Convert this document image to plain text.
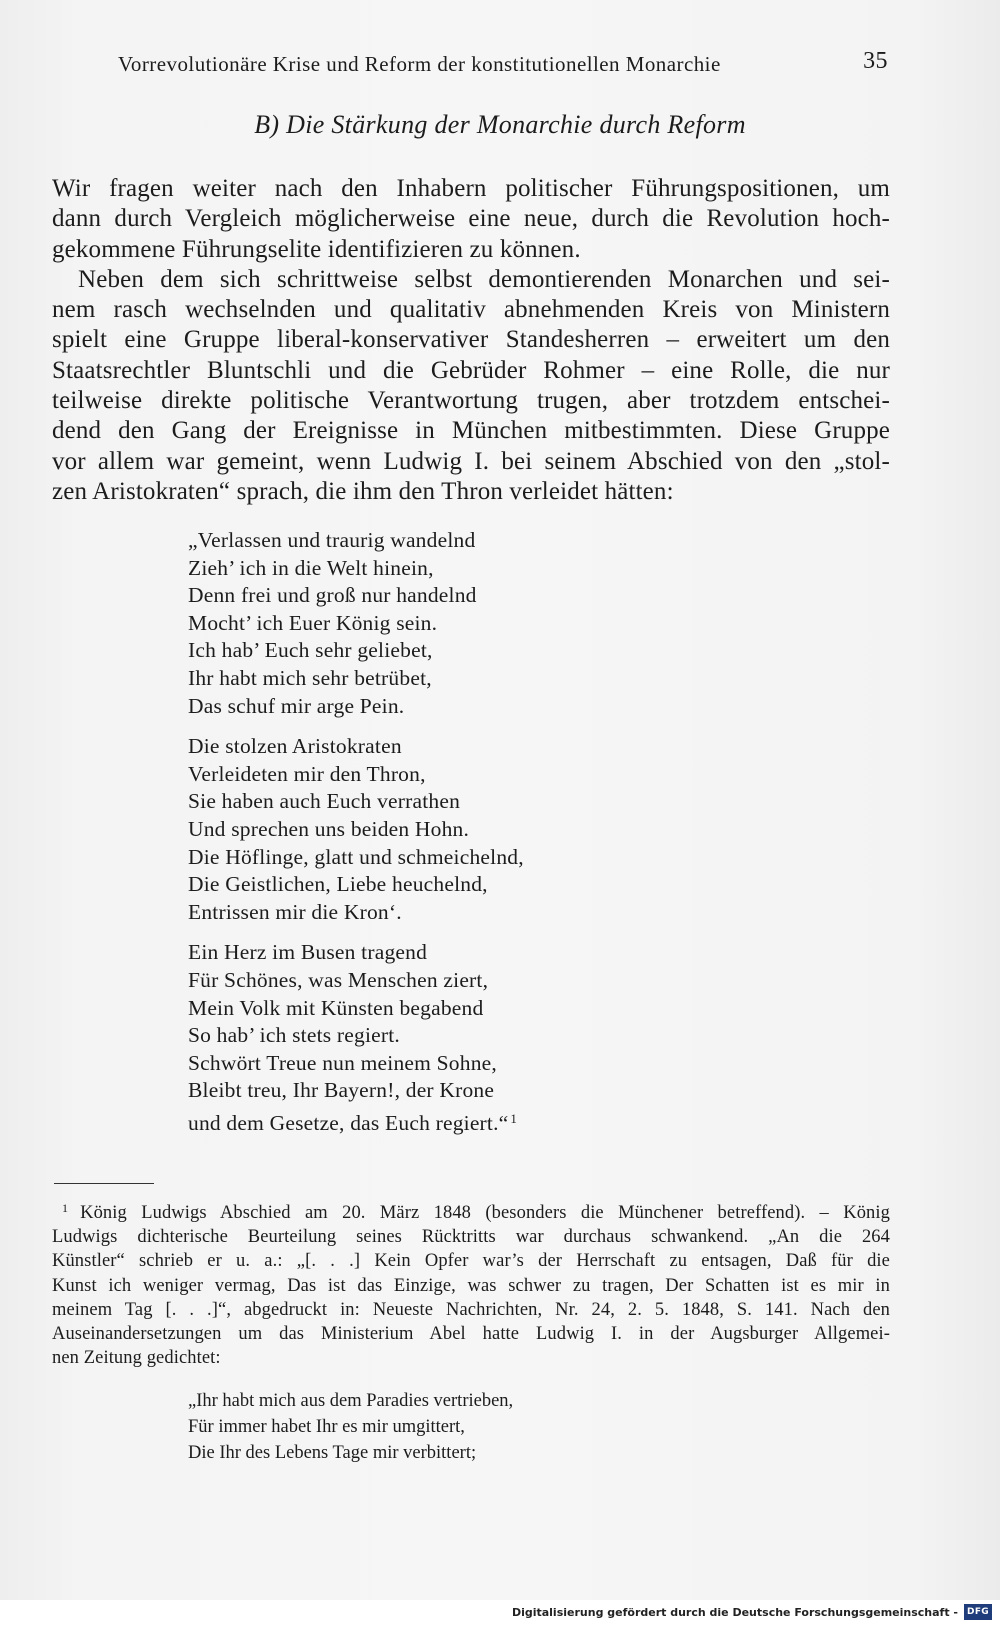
Vorrevolutionäre Krise und Reform der konstitutionellen Monarchie	35
B) Die Stärkung der Monarchie durch Reform

Wir fragen weiter nach den Inhabern politischer Führungspositionen, um
dann durch Vergleich möglicherweise eine neue, durch die Revolution hoch-
gekommene Führungselite identifizieren zu können.

Neben dem sich schrittweise selbst demontierenden Monarchen und sei-
nem rasch wechselnden und qualitativ abnehmenden Kreis von Ministern
spielt eine Gruppe liberal-konservativer Standesherren – erweitert um den
Staatsrechtler Bluntschli und die Gebrüder Rohmer – eine Rolle, die nur
teilweise direkte politische Verantwortung trugen, aber trotzdem entschei-
dend den Gang der Ereignisse in München mitbestimmten. Diese Gruppe
vor allem war gemeint, wenn Ludwig I. bei seinem Abschied von den „stol-
zen Aristokraten“ sprach, die ihm den Thron verleidet hätten:

„Verlassen und traurig wandelnd
Zieh’ ich in die Welt hinein,
Denn frei und groß nur handelnd
Mocht’ ich Euer König sein.
Ich hab’ Euch sehr geliebet,
Ihr habt mich sehr betrübet,
Das schuf mir arge Pein.
Die stolzen Aristokraten
Verleideten mir den Thron,
Sie haben auch Euch verrathen
Und sprechen uns beiden Hohn.
Die Höflinge, glatt und schmeichelnd,
Die Geistlichen, Liebe heuchelnd,
Entrissen mir die Kron‘.
Ein Herz im Busen tragend
Für Schönes, was Menschen ziert,
Mein Volk mit Künsten begabend
So hab’ ich stets regiert.
Schwört Treue nun meinem Sohne,
Bleibt treu, Ihr Bayern!, der Krone
und dem Gesetze, das Euch regiert.“ $^1$
$^1$ König Ludwigs Abschied am 20. März 1848 (besonders die Münchener betreffend). – König
Ludwigs dichterische Beurteilung seines Rücktritts war durchaus schwankend. „An die 264
Künstler“ schrieb er u. a.: „[. . .] Kein Opfer war’s der Herrschaft zu entsagen, Daß für die
Kunst ich weniger vermag, Das ist das Einzige, was schwer zu tragen, Der Schatten ist es mir in
meinem Tag [. . .]“, abgedruckt in: Neueste Nachrichten, Nr. 24, 2. 5. 1848, S. 141. Nach den
Auseinandersetzungen um das Ministerium Abel hatte Ludwig I. in der Augsburger Allgemei-
nen Zeitung gedichtet:
„Ihr habt mich aus dem Paradies vertrieben,
Für immer habet Ihr es mir umgittert,
Die Ihr des Lebens Tage mir verbittert;
Digitalisierung gefördert durch die Deutsche Forschungsgemeinschaft -	DFG
